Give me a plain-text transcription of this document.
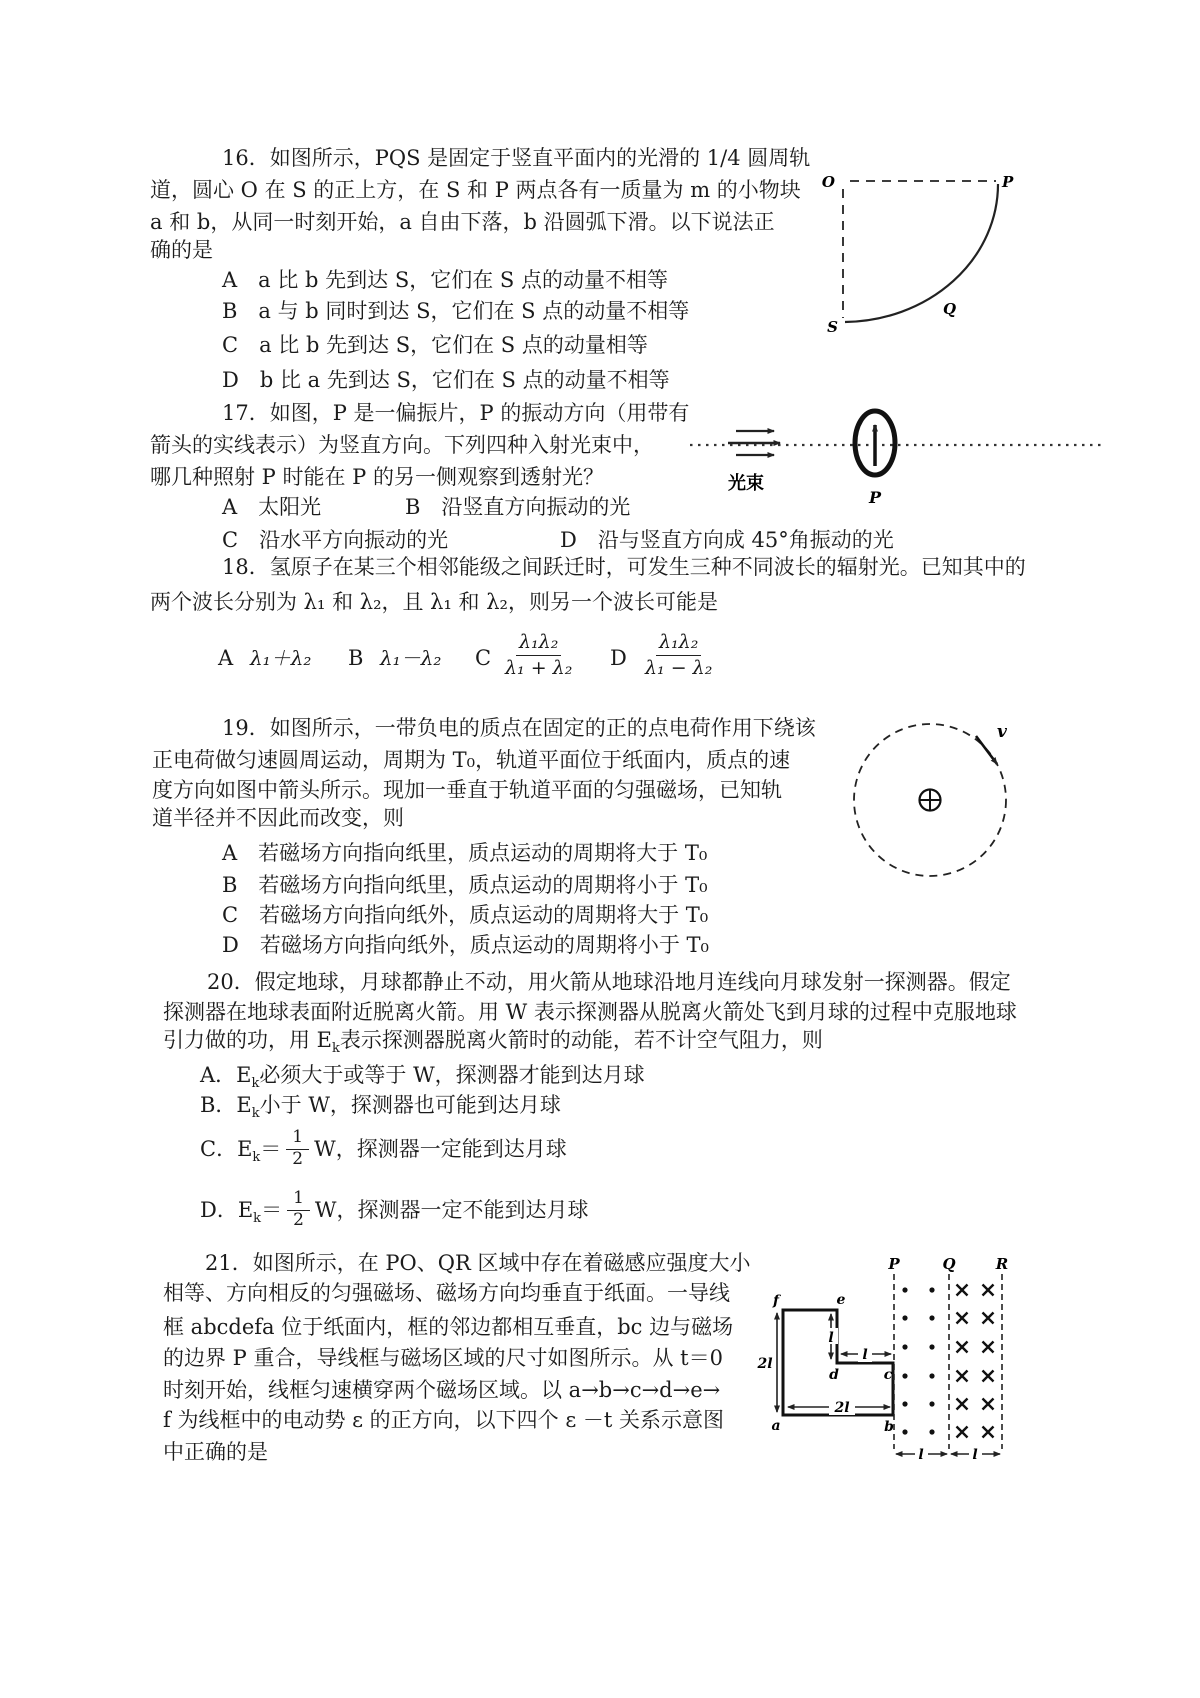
16．如图所示，PQS 是固定于竖直平面内的光滑的 1/4 圆周轨
道，圆心 O 在 S 的正上方，在 S 和 P 两点各有一质量为 m 的小物块
a 和 b，从同一时刻开始，a 自由下落，b 沿圆弧下滑。以下说法正
确的是
A　a 比 b 先到达 S，它们在 S 点的动量不相等
B　a 与 b 同时到达 S，它们在 S 点的动量不相等
C　a 比 b 先到达 S，它们在 S 点的动量相等
D　b 比 a 先到达 S，它们在 S 点的动量不相等
O	P
Q
S
17．如图，P 是一偏振片，P 的振动方向（用带有
箭头的实线表示）为竖直方向。下列四种入射光束中，
哪几种照射 P 时能在 P 的另一侧观察到透射光？
A　太阳光	B　沿竖直方向振动的光
C　沿水平方向振动的光	D　沿与竖直方向成 45°角振动的光
光束
P
18．氢原子在某三个相邻能级之间跃迁时，可发生三种不同波长的辐射光。已知其中的
两个波长分别为 λ₁ 和 λ₂，且 λ₁ 和 λ₂，则另一个波长可能是
A λ₁＋λ₂ B λ₁－λ₂ C $\frac{\text{λ₁λ₂}}{\text{λ₁ + λ₂}}$ D $\frac{\text{λ₁λ₂}}{\text{λ₁ − λ₂}}$
19．如图所示，一带负电的质点在固定的正的点电荷作用下绕该
正电荷做匀速圆周运动，周期为 T₀，轨道平面位于纸面内，质点的速
度方向如图中箭头所示。现加一垂直于轨道平面的匀强磁场，已知轨
道半径并不因此而改变，则
A　若磁场方向指向纸里，质点运动的周期将大于 T₀
B　若磁场方向指向纸里，质点运动的周期将小于 T₀
C　若磁场方向指向纸外，质点运动的周期将大于 T₀
D　若磁场方向指向纸外，质点运动的周期将小于 T₀
v
20．假定地球，月球都静止不动，用火箭从地球沿地月连线向月球发射一探测器。假定
探测器在地球表面附近脱离火箭。用 W 表示探测器从脱离火箭处飞到月球的过程中克服地球
引力做的功，用 $E_k$表示探测器脱离火箭时的动能，若不计空气阻力，则
A．$E_k$必须大于或等于 W，探测器才能到达月球
B．$E_k$小于 W，探测器也可能到达月球
C．$E_k= \frac{1}{2}$ W，探测器一定能到达月球
D．$E_k= \frac{1}{2}$ W，探测器一定不能到达月球
21．如图所示，在 PO、QR 区域中存在着磁感应强度大小
相等、方向相反的匀强磁场、磁场方向均垂直于纸面。一导线
框 abcdefa 位于纸面内，框的邻边都相互垂直，bc 边与磁场
的边界 P 重合，导线框与磁场区域的尺寸如图所示。从 t＝0
时刻开始，线框匀速横穿两个磁场区域。以 a→b→c→d→e→
f 为线框中的电动势 ε 的正方向，以下四个 ε －t 关系示意图
中正确的是
f	e
d	c
a	b
2l
l
l
2l
P	Q	R
l	l
